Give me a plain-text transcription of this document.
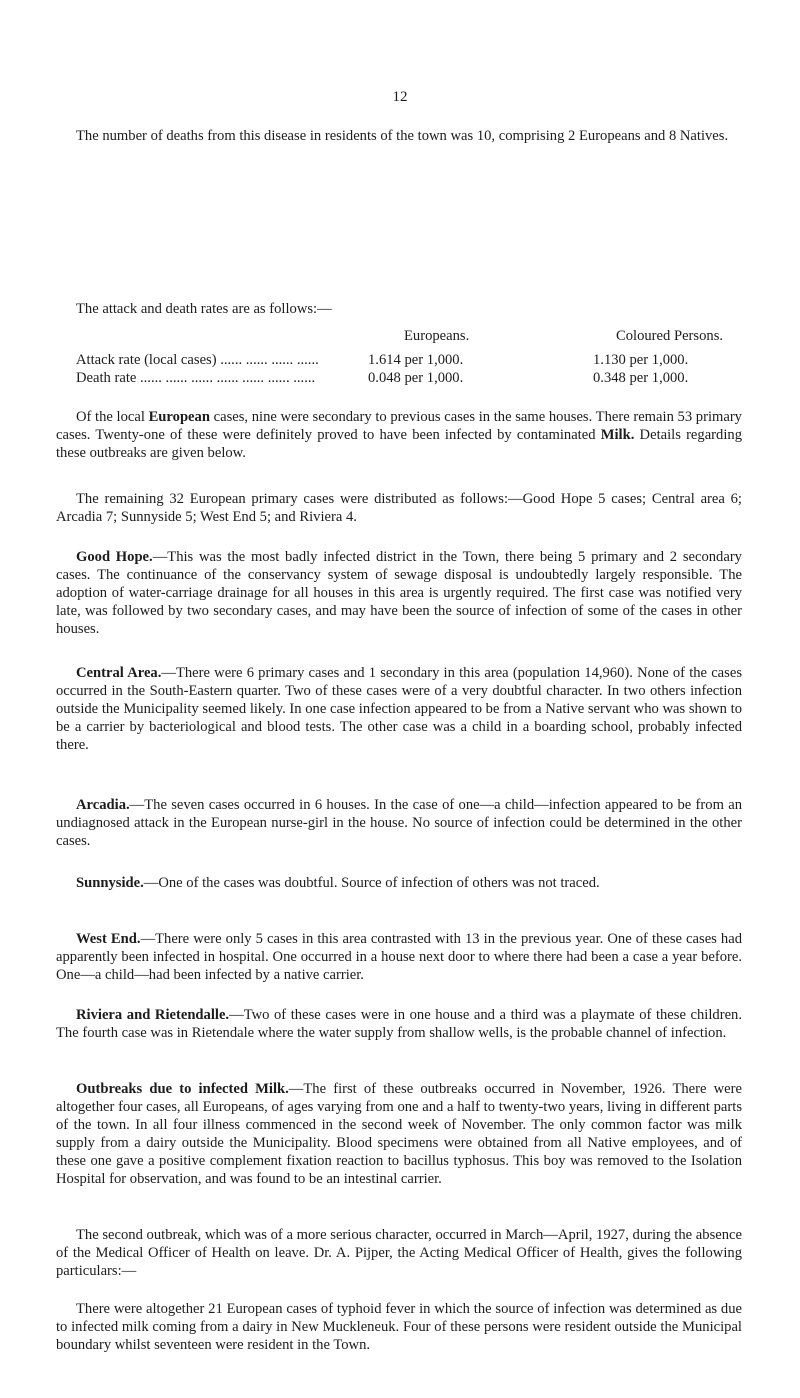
12

The number of deaths from this disease in residents of the town was 10, comprising 2 Europeans and 8 Natives.

The attack and death rates are as follows:—

Europeans.	Coloured Persons.
Attack rate (local cases) ...... ...... ...... ......	1.614 per 1,000.	1.130 per 1,000.
Death rate ...... ...... ...... ...... ...... ...... ......	0.048 per 1,000.	0.348 per 1,000.

Of the local European cases, nine were secondary to previous cases in the same houses. There remain 53 primary cases. Twenty-one of these were definitely proved to have been infected by contaminated Milk. Details regarding these outbreaks are given below.

The remaining 32 European primary cases were distributed as follows:—Good Hope 5 cases; Central area 6; Arcadia 7; Sunnyside 5; West End 5; and Riviera 4.

Good Hope.—This was the most badly infected district in the Town, there being 5 primary and 2 secondary cases. The continuance of the conservancy system of sewage disposal is undoubtedly largely responsible. The adoption of water-carriage drainage for all houses in this area is urgently required. The first case was notified very late, was followed by two secondary cases, and may have been the source of infection of some of the cases in other houses.

Central Area.—There were 6 primary cases and 1 secondary in this area (population 14,960). None of the cases occurred in the South-Eastern quarter. Two of these cases were of a very doubtful character. In two others infection outside the Municipality seemed likely. In one case infection appeared to be from a Native servant who was shown to be a carrier by bacteriological and blood tests. The other case was a child in a boarding school, probably infected there.

Arcadia.—The seven cases occurred in 6 houses. In the case of one—a child—infection appeared to be from an undiagnosed attack in the European nurse-girl in the house. No source of infection could be determined in the other cases.

Sunnyside.—One of the cases was doubtful. Source of infection of others was not traced.

West End.—There were only 5 cases in this area contrasted with 13 in the previous year. One of these cases had apparently been infected in hospital. One occurred in a house next door to where there had been a case a year before. One—a child—had been infected by a native carrier.

Riviera and Rietendalle.—Two of these cases were in one house and a third was a playmate of these children. The fourth case was in Rietendale where the water supply from shallow wells, is the probable channel of infection.

Outbreaks due to infected Milk.—The first of these outbreaks occurred in November, 1926. There were altogether four cases, all Europeans, of ages varying from one and a half to twenty-two years, living in different parts of the town. In all four illness commenced in the second week of November. The only common factor was milk supply from a dairy outside the Municipality. Blood specimens were obtained from all Native employees, and of these one gave a positive complement fixation reaction to bacillus typhosus. This boy was removed to the Isolation Hospital for observation, and was found to be an intestinal carrier.

The second outbreak, which was of a more serious character, occurred in March—April, 1927, during the absence of the Medical Officer of Health on leave. Dr. A. Pijper, the Acting Medical Officer of Health, gives the following particulars:—

There were altogether 21 European cases of typhoid fever in which the source of infection was determined as due to infected milk coming from a dairy in New Muckleneuk. Four of these persons were resident outside the Municipal boundary whilst seventeen were resident in the Town.
